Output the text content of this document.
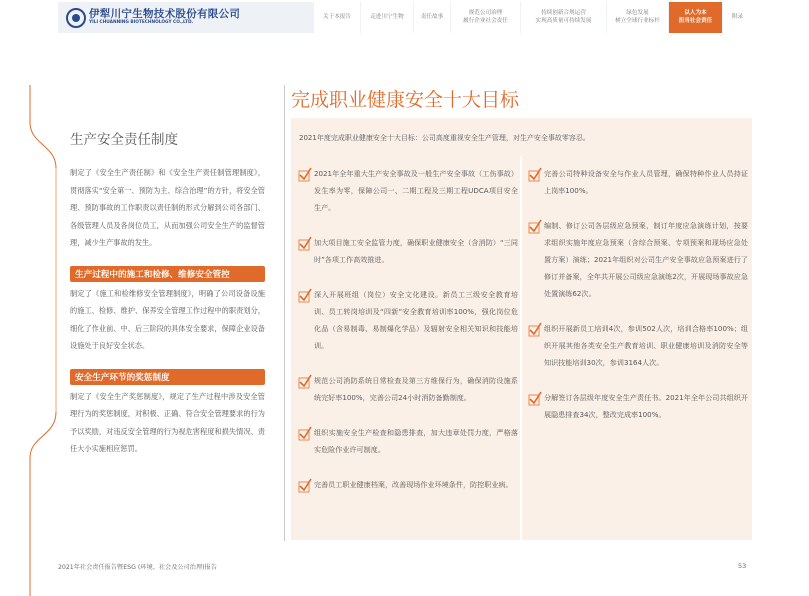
伊犁川宁生物技术股份有限公司
YILI CHUANNING BIOTECHNOLOGY CO.,LTD.
关于本报告	走进川宁生物	责任故事
规范公司治理
履行企业社会责任
持续创新合规运营
实现高质量可持续发展
绿色发展
树立全球行业标杆
以人为本
担当社会责任
附录
生产安全责任制度

制定了《安全生产责任制》和《安全生产责任制管理制度》，贯彻落实“安全第一、预防为主、综合治理”的方针，将安全管理、预防事故的工作职责以责任制的形式分解到公司各部门、各级管理人员及各岗位员工，从而加强公司安全生产的监督管理，减少生产事故的发生。

生产过程中的施工和检修、维修安全管控

制定了《施工和检维修安全管理制度》，明确了公司设备设施的施工、检修、维护、保养安全管理工作过程中的职责划分，细化了作业前、中、后三阶段的具体安全要求，保障企业设备设施处于良好安全状态。

安全生产环节的奖惩制度

制定了《安全生产奖惩制度》，规定了生产过程中涉及安全管理行为的奖惩制度，对积极、正确、符合安全管理要求的行为予以奖励，对违反安全管理的行为视危害程度和损失情况、责任大小实施相应惩罚。

完成职业健康安全十大目标
2021年度完成职业健康安全十大目标：公司高度重视安全生产管理，对生产安全事故零容忍。

2021年全年重大生产安全事故及一般生产安全事故（工伤事故）发生率为零，保障公司一、二期工程及三期工程UDCA项目安全生产。

加大项目施工安全监管力度，确保职业健康安全（含消防）“三同时”各项工作高效推进。

深入开展班组（岗位）安全文化建设。新员工三级安全教育培训、员工转岗培训及“四新”安全教育培训率100%，强化岗位危化品（含易制毒、易制爆化学品）及辐射安全相关知识和技能培训。

规范公司消防系统日常检查及第三方维保行为，确保消防设施系统完好率100%，完善公司24小时消防备勤制度。

组织实施安全生产检查和隐患排查，加大违章处罚力度，严格落实危险作业许可制度。

完善员工职业健康档案，改善现场作业环境条件，防控职业病。

完善公司特种设备安全与作业人员管理，确保特种作业人员持证上岗率100%。

编制、修订公司各层级应急预案，制订年度应急演练计划，按要求组织实施年度应急预案（含综合预案、专项预案和现场应急处置方案）演练；2021年组织对公司生产安全事故应急预案进行了修订并备案，全年共开展公司级应急演练2次，开展现场事故应急处置演练62次。

组织开展新员工培训4次，参训502人次，培训合格率100%；组织开展其他各类安全生产教育培训、职业健康培训及消防安全等知识技能培训30次，参训3164人次。

分解签订各层级年度安全生产责任书。2021年全年公司共组织开展隐患排查34次，整改完成率100%。

2021年社会责任报告暨ESG (环境、社会及公司治理)报告	53
